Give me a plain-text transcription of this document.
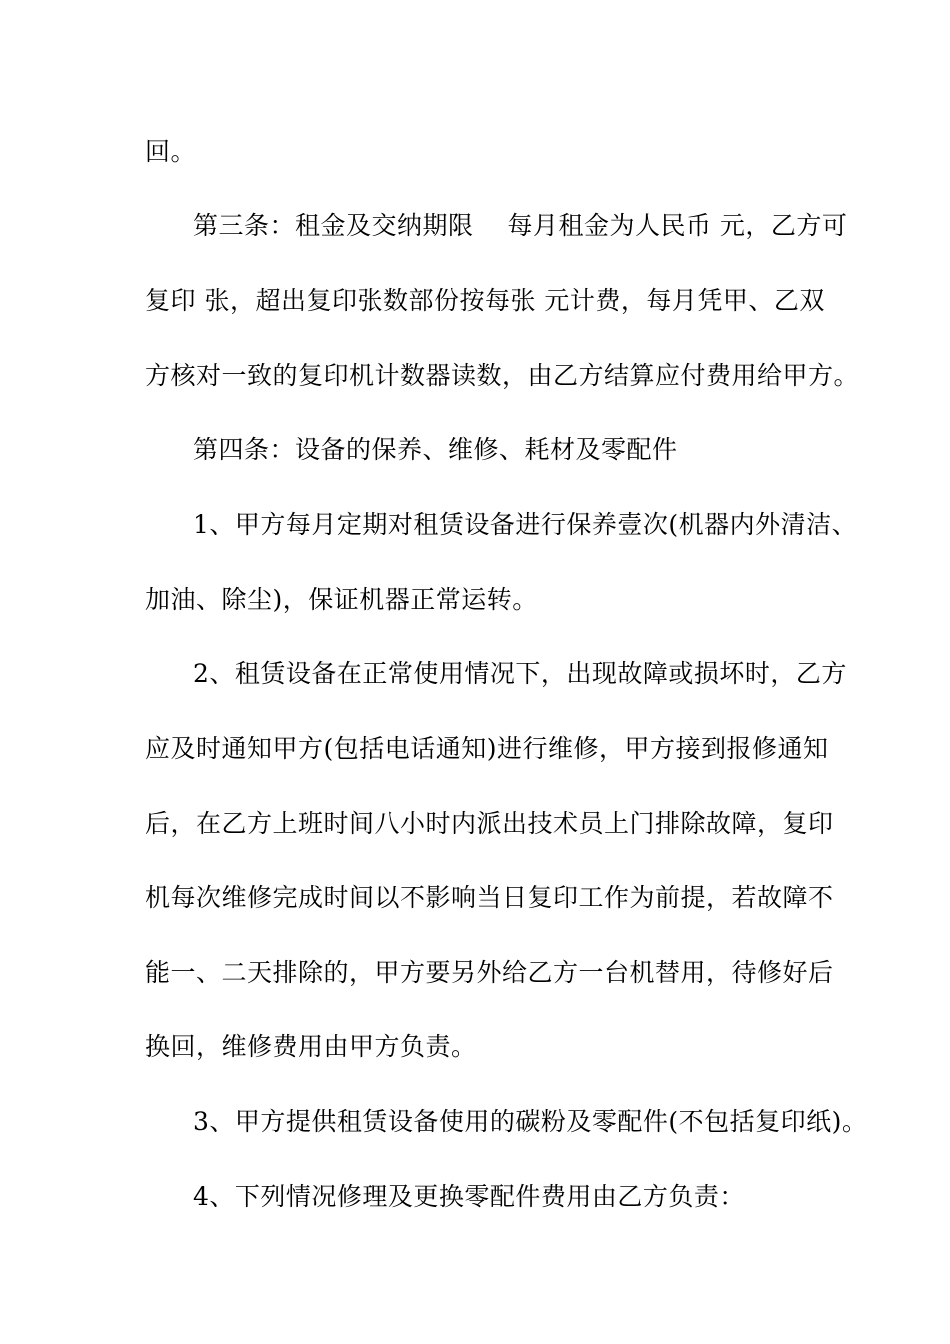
回。
第三条：租金及交纳期限　 每月租金为人民币 元，乙方可
复印 张，超出复印张数部份按每张 元计费，每月凭甲、乙双
方核对一致的复印机计数器读数，由乙方结算应付费用给甲方。
第四条：设备的保养、维修、耗材及零配件
1、甲方每月定期对租赁设备进行保养壹次(机器内外清洁、
加油、除尘)，保证机器正常运转。
2、租赁设备在正常使用情况下，出现故障或损坏时，乙方
应及时通知甲方(包括电话通知)进行维修，甲方接到报修通知
后，在乙方上班时间八小时内派出技术员上门排除故障，复印
机每次维修完成时间以不影响当日复印工作为前提，若故障不
能一、二天排除的，甲方要另外给乙方一台机替用，待修好后
换回，维修费用由甲方负责。
3、甲方提供租赁设备使用的碳粉及零配件(不包括复印纸)。
4、下列情况修理及更换零配件费用由乙方负责：
